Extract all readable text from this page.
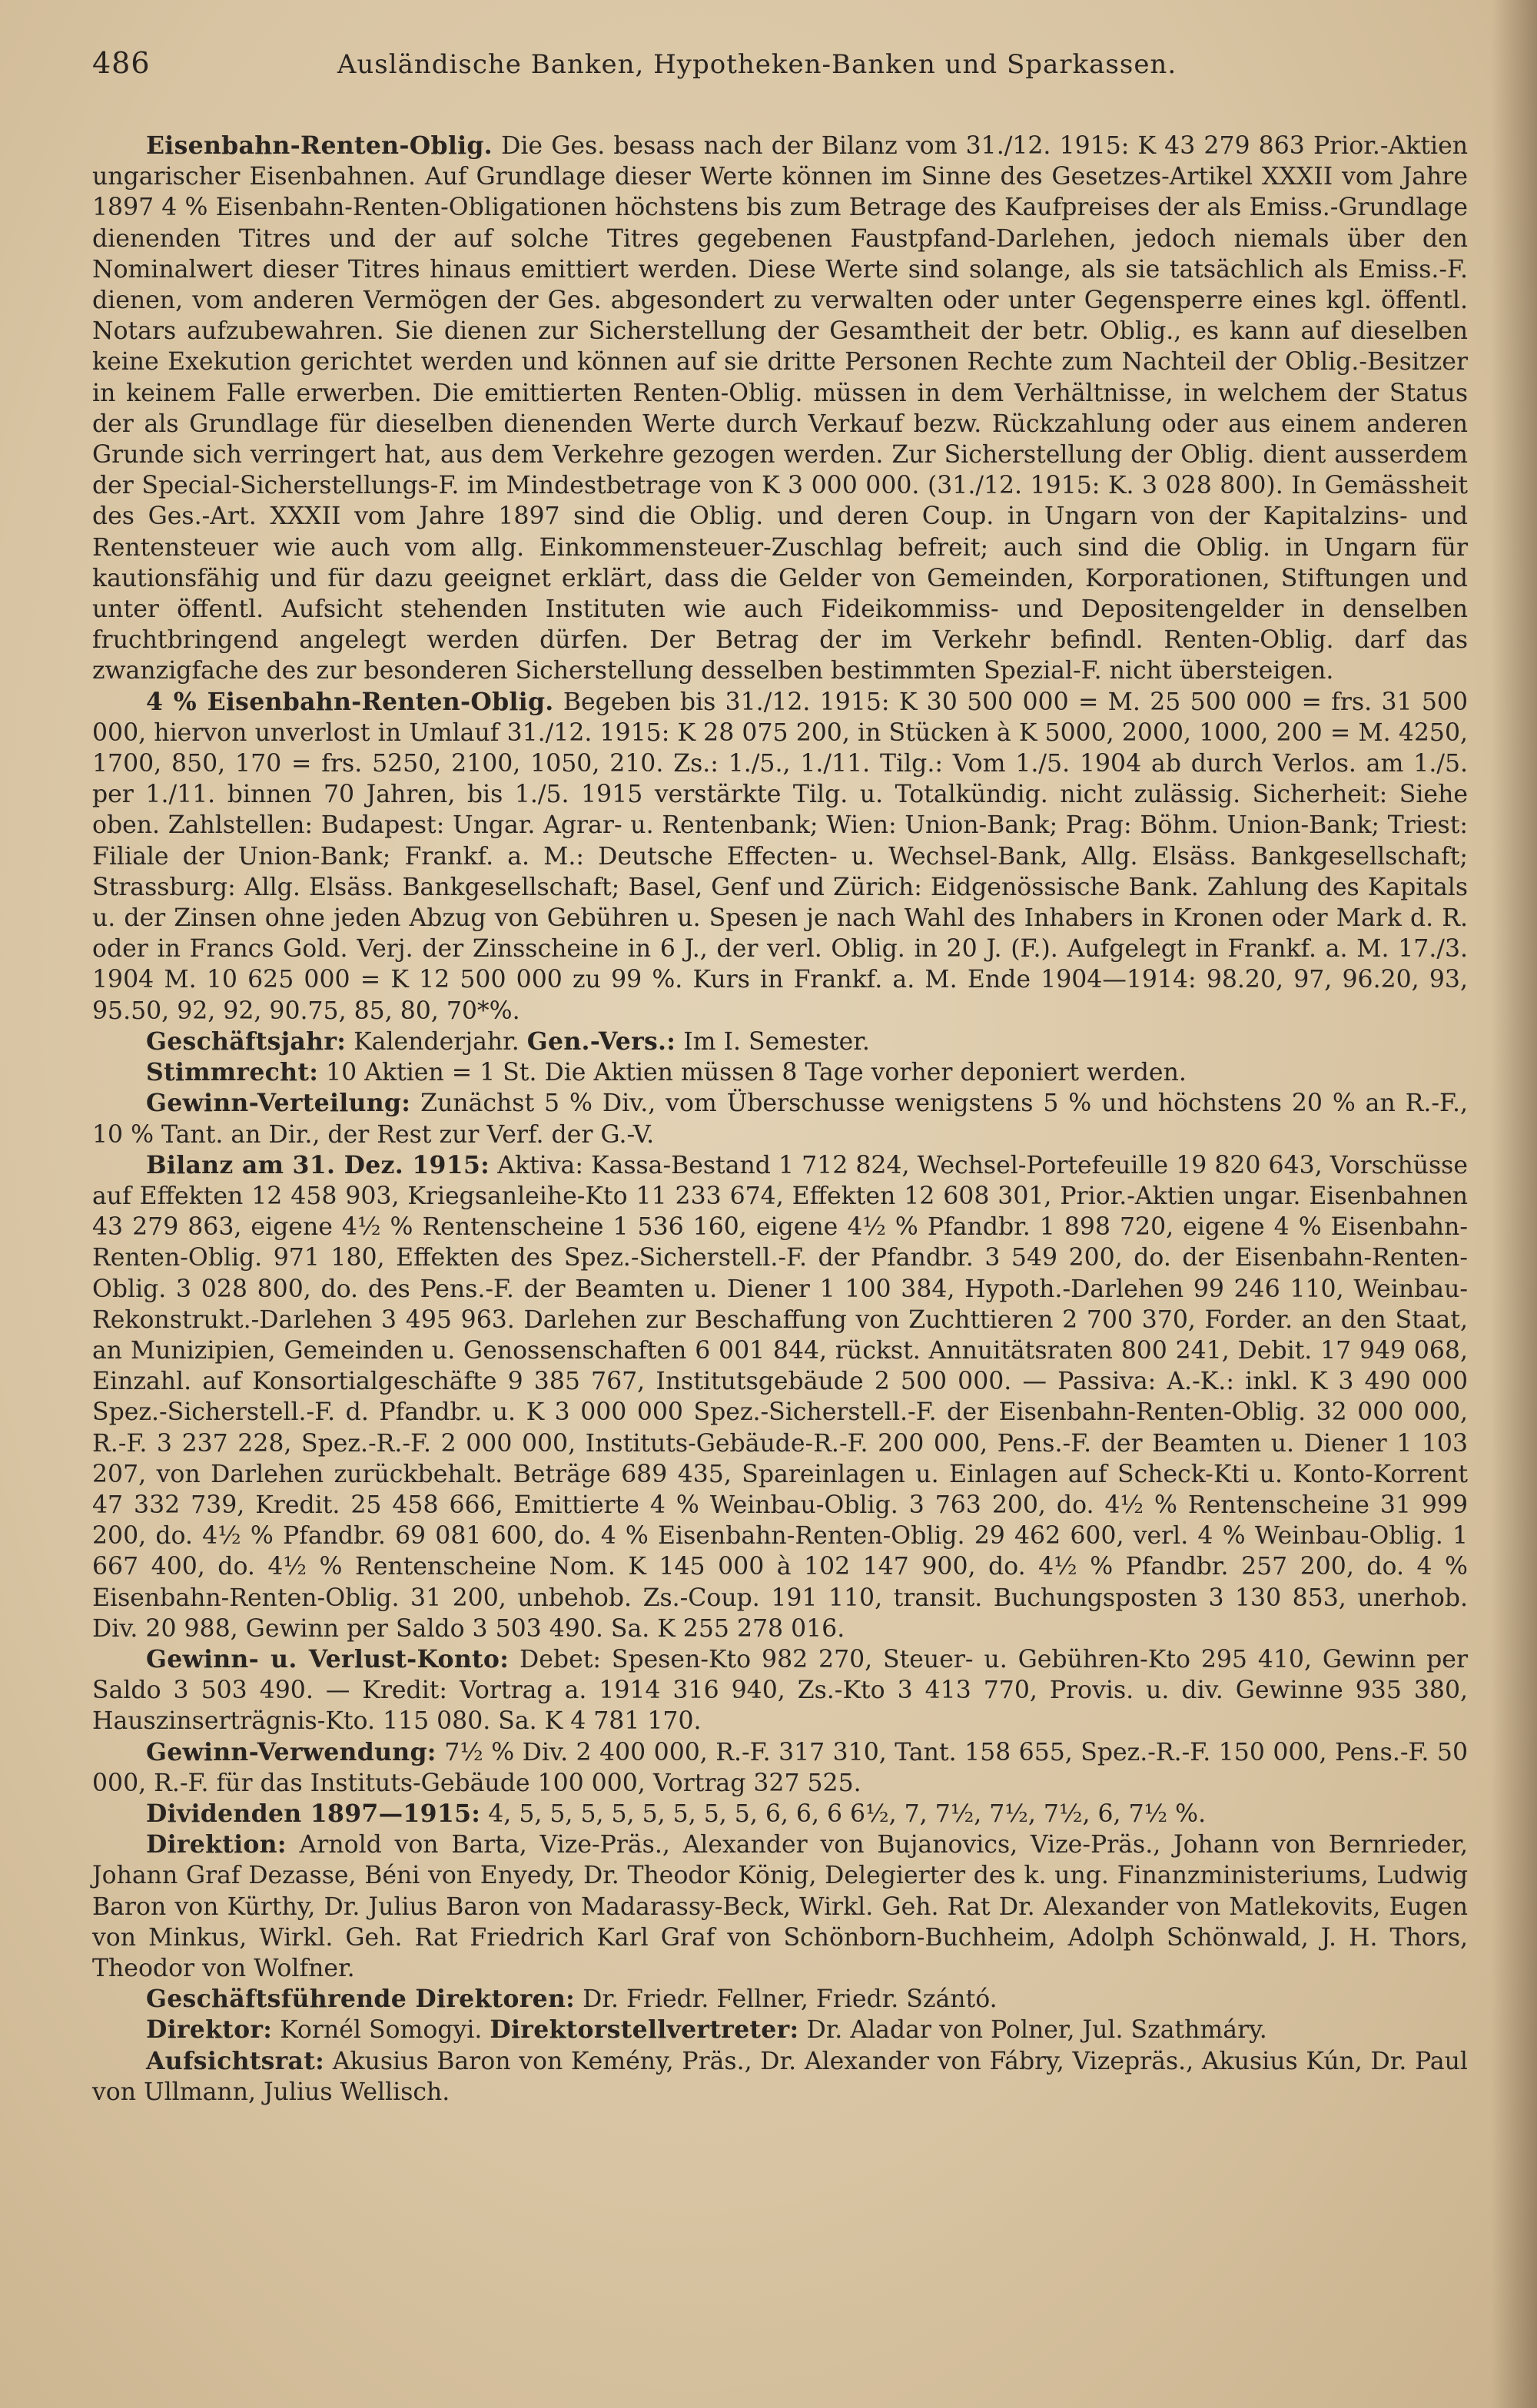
486	Ausländische Banken, Hypotheken-Banken und Sparkassen.

Eisenbahn-Renten-Oblig. Die Ges. besass nach der Bilanz vom 31./12. 1915: K 43 279 863 Prior.-Aktien ungarischer Eisenbahnen. Auf Grundlage dieser Werte können im Sinne des Gesetzes-Artikel XXXII vom Jahre 1897 4 % Eisenbahn-Renten-Obligationen höchstens bis zum Betrage des Kaufpreises der als Emiss.-Grundlage dienenden Titres und der auf solche Titres gegebenen Faustpfand-Darlehen, jedoch niemals über den Nominalwert dieser Titres hinaus emittiert werden. Diese Werte sind solange, als sie tatsächlich als Emiss.-F. dienen, vom anderen Vermögen der Ges. abgesondert zu verwalten oder unter Gegensperre eines kgl. öffentl. Notars aufzubewahren. Sie dienen zur Sicherstellung der Gesamtheit der betr. Oblig., es kann auf dieselben keine Exekution gerichtet werden und können auf sie dritte Personen Rechte zum Nachteil der Oblig.-Besitzer in keinem Falle erwerben. Die emittierten Renten-Oblig. müssen in dem Verhältnisse, in welchem der Status der als Grundlage für dieselben dienenden Werte durch Verkauf bezw. Rückzahlung oder aus einem anderen Grunde sich verringert hat, aus dem Verkehre gezogen werden. Zur Sicherstellung der Oblig. dient ausserdem der Special-Sicherstellungs-F. im Mindestbetrage von K 3 000 000. (31./12. 1915: K. 3 028 800). In Gemässheit des Ges.-Art. XXXII vom Jahre 1897 sind die Oblig. und deren Coup. in Ungarn von der Kapitalzins- und Rentensteuer wie auch vom allg. Einkommensteuer-Zuschlag befreit; auch sind die Oblig. in Ungarn für kautionsfähig und für dazu geeignet erklärt, dass die Gelder von Gemeinden, Korporationen, Stiftungen und unter öffentl. Aufsicht stehenden Instituten wie auch Fideikommiss- und Depositengelder in denselben fruchtbringend angelegt werden dürfen. Der Betrag der im Verkehr befindl. Renten-Oblig. darf das zwanzigfache des zur besonderen Sicherstellung desselben bestimmten Spezial-F. nicht übersteigen.

4 % Eisenbahn-Renten-Oblig. Begeben bis 31./12. 1915: K 30 500 000 = M. 25 500 000 = frs. 31 500 000, hiervon unverlost in Umlauf 31./12. 1915: K 28 075 200, in Stücken à K 5000, 2000, 1000, 200 = M. 4250, 1700, 850, 170 = frs. 5250, 2100, 1050, 210. Zs.: 1./5., 1./11. Tilg.: Vom 1./5. 1904 ab durch Verlos. am 1./5. per 1./11. binnen 70 Jahren, bis 1./5. 1915 verstärkte Tilg. u. Totalkündig. nicht zulässig. Sicherheit: Siehe oben. Zahlstellen: Budapest: Ungar. Agrar- u. Rentenbank; Wien: Union-Bank; Prag: Böhm. Union-Bank; Triest: Filiale der Union-Bank; Frankf. a. M.: Deutsche Effecten- u. Wechsel-Bank, Allg. Elsäss. Bankgesellschaft; Strassburg: Allg. Elsäss. Bankgesellschaft; Basel, Genf und Zürich: Eidgenössische Bank. Zahlung des Kapitals u. der Zinsen ohne jeden Abzug von Gebühren u. Spesen je nach Wahl des Inhabers in Kronen oder Mark d. R. oder in Francs Gold. Verj. der Zinsscheine in 6 J., der verl. Oblig. in 20 J. (F.). Aufgelegt in Frankf. a. M. 17./3. 1904 M. 10 625 000 = K 12 500 000 zu 99 %. Kurs in Frankf. a. M. Ende 1904—1914: 98.20, 97, 96.20, 93, 95.50, 92, 92, 90.75, 85, 80, 70*%.

Geschäftsjahr: Kalenderjahr. Gen.-Vers.: Im I. Semester.

Stimmrecht: 10 Aktien = 1 St. Die Aktien müssen 8 Tage vorher deponiert werden.

Gewinn-Verteilung: Zunächst 5 % Div., vom Überschusse wenigstens 5 % und höchstens 20 % an R.-F., 10 % Tant. an Dir., der Rest zur Verf. der G.-V.

Bilanz am 31. Dez. 1915: Aktiva: Kassa-Bestand 1 712 824, Wechsel-Portefeuille 19 820 643, Vorschüsse auf Effekten 12 458 903, Kriegsanleihe-Kto 11 233 674, Effekten 12 608 301, Prior.-Aktien ungar. Eisenbahnen 43 279 863, eigene 4½ % Rentenscheine 1 536 160, eigene 4½ % Pfandbr. 1 898 720, eigene 4 % Eisenbahn-Renten-Oblig. 971 180, Effekten des Spez.-Sicherstell.-F. der Pfandbr. 3 549 200, do. der Eisenbahn-Renten-Oblig. 3 028 800, do. des Pens.-F. der Beamten u. Diener 1 100 384, Hypoth.-Darlehen 99 246 110, Weinbau-Rekonstrukt.-Darlehen 3 495 963. Darlehen zur Beschaffung von Zuchttieren 2 700 370, Forder. an den Staat, an Munizipien, Gemeinden u. Genossenschaften 6 001 844, rückst. Annuitätsraten 800 241, Debit. 17 949 068, Einzahl. auf Konsortialgeschäfte 9 385 767, Institutsgebäude 2 500 000. — Passiva: A.-K.: inkl. K 3 490 000 Spez.-Sicherstell.-F. d. Pfandbr. u. K 3 000 000 Spez.-Sicherstell.-F. der Eisenbahn-Renten-Oblig. 32 000 000, R.-F. 3 237 228, Spez.-R.-F. 2 000 000, Instituts-Gebäude-R.-F. 200 000, Pens.-F. der Beamten u. Diener 1 103 207, von Darlehen zurückbehalt. Beträge 689 435, Spareinlagen u. Einlagen auf Scheck-Kti u. Konto-Korrent 47 332 739, Kredit. 25 458 666, Emittierte 4 % Weinbau-Oblig. 3 763 200, do. 4½ % Rentenscheine 31 999 200, do. 4½ % Pfandbr. 69 081 600, do. 4 % Eisenbahn-Renten-Oblig. 29 462 600, verl. 4 % Weinbau-Oblig. 1 667 400, do. 4½ % Rentenscheine Nom. K 145 000 à 102 147 900, do. 4½ % Pfandbr. 257 200, do. 4 % Eisenbahn-Renten-Oblig. 31 200, unbehob. Zs.-Coup. 191 110, transit. Buchungsposten 3 130 853, unerhob. Div. 20 988, Gewinn per Saldo 3 503 490. Sa. K 255 278 016.

Gewinn- u. Verlust-Konto: Debet: Spesen-Kto 982 270, Steuer- u. Gebühren-Kto 295 410, Gewinn per Saldo 3 503 490. — Kredit: Vortrag a. 1914 316 940, Zs.-Kto 3 413 770, Provis. u. div. Gewinne 935 380, Hauszinserträgnis-Kto. 115 080. Sa. K 4 781 170.

Gewinn-Verwendung: 7½ % Div. 2 400 000, R.-F. 317 310, Tant. 158 655, Spez.-R.-F. 150 000, Pens.-F. 50 000, R.-F. für das Instituts-Gebäude 100 000, Vortrag 327 525.

Dividenden 1897—1915: 4, 5, 5, 5, 5, 5, 5, 5, 5, 6, 6, 6 6½, 7, 7½, 7½, 7½, 6, 7½ %.

Direktion: Arnold von Barta, Vize-Präs., Alexander von Bujanovics, Vize-Präs., Johann von Bernrieder, Johann Graf Dezasse, Béni von Enyedy, Dr. Theodor König, Delegierter des k. ung. Finanzministeriums, Ludwig Baron von Kürthy, Dr. Julius Baron von Madarassy-Beck, Wirkl. Geh. Rat Dr. Alexander von Matlekovits, Eugen von Minkus, Wirkl. Geh. Rat Friedrich Karl Graf von Schönborn-Buchheim, Adolph Schönwald, J. H. Thors, Theodor von Wolfner.

Geschäftsführende Direktoren: Dr. Friedr. Fellner, Friedr. Szántó.

Direktor: Kornél Somogyi. Direktorstellvertreter: Dr. Aladar von Polner, Jul. Szathmáry.

Aufsichtsrat: Akusius Baron von Kemény, Präs., Dr. Alexander von Fábry, Vizepräs., Akusius Kún, Dr. Paul von Ullmann, Julius Wellisch.
